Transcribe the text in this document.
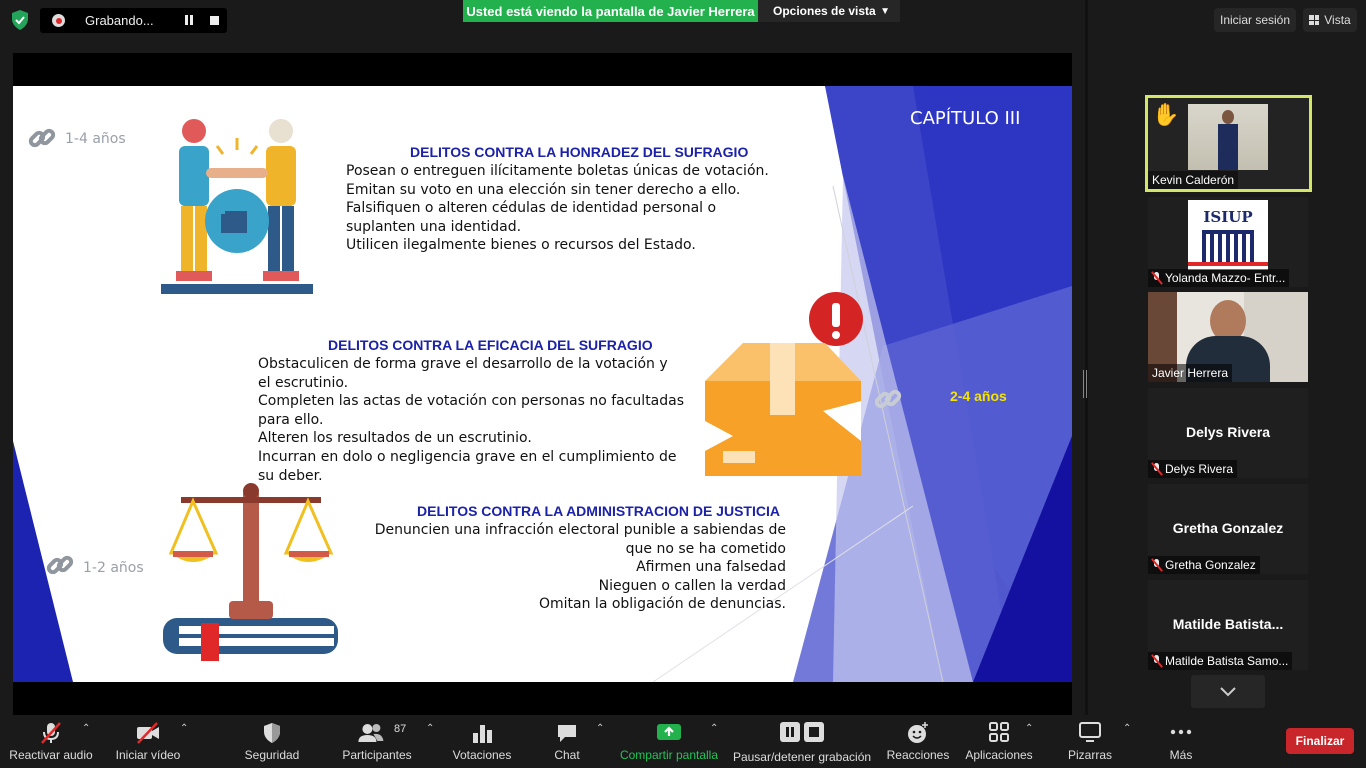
Grabando...
Usted está viendo la pantalla de Javier Herrera Opciones de vista ▼
Iniciar sesión	Vista
CAPÍTULO III
1-4 años
1-2 años
2-4 años
DELITOS CONTRA LA HONRADEZ DEL SUFRAGIO
Posean o entreguen ilícitamente boletas únicas de votación.
Emitan su voto en una elección sin tener derecho a ello.
Falsifiquen o alteren cédulas de identidad personal o
suplanten una identidad.
Utilicen ilegalmente bienes o recursos del Estado.
DELITOS CONTRA LA EFICACIA DEL SUFRAGIO
Obstaculicen de forma grave el desarrollo de la votación y
el escrutinio.
Completen las actas de votación con personas no facultadas
para ello.
Alteren los resultados de un escrutinio.
Incurran en dolo o negligencia grave en el cumplimiento de
su deber.
DELITOS CONTRA LA ADMINISTRACION DE JUSTICIA
Denuncien una infracción electoral punible a sabiendas de
que no se ha cometido
Afirmen una falsedad
Nieguen o callen la verdad
Omitan la obligación de denuncias.
✋
Kevin Calderón
ISIUP
Yolanda Mazzo- Entr...
Javier Herrera
Delys Rivera
Delys Rivera
Gretha Gonzalez
Gretha Gonzalez
Matilde Batista...
Matilde Batista Samo...
Reactivar audio
⌃
Iniciar vídeo
⌃
Seguridad
87
Participantes
⌃
Votaciones	Chat
⌃
Compartir pantalla
⌃
Pausar/detener grabación Reacciones Aplicaciones
⌃
Pizarras
⌃
Más
Finalizar
